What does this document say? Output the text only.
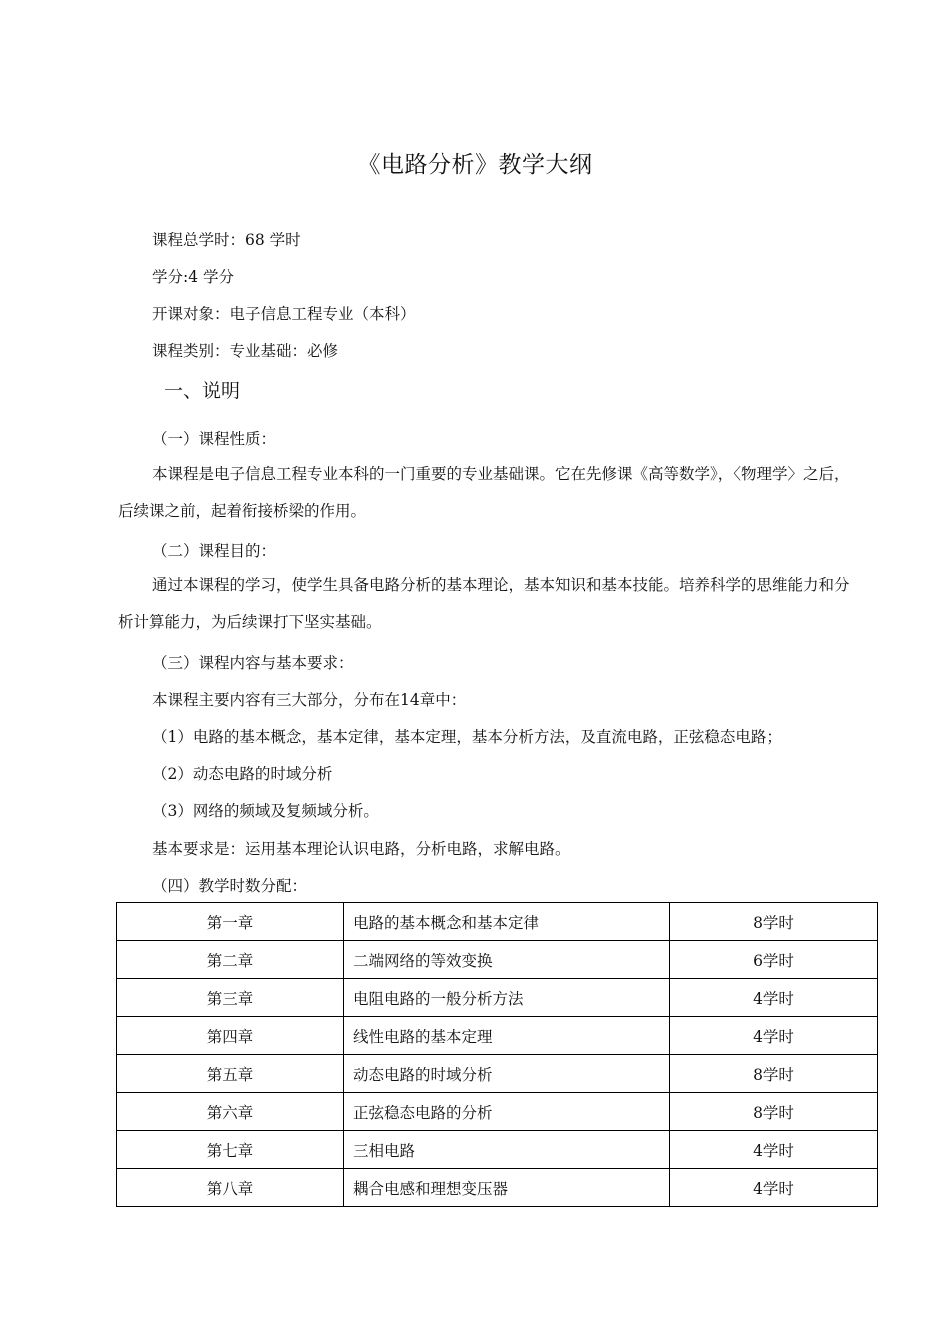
《电路分析》教学大纲
课程总学时：68 学时
学分:4 学分
开课对象：电子信息工程专业（本科）
课程类别：专业基础：必修
一、说明
（一）课程性质：
本课程是电子信息工程专业本科的一门重要的专业基础课。它在先修课《高等数学》，〈物理学〉之后，后续课之前，起着衔接桥梁的作用。
（二）课程目的：
通过本课程的学习，使学生具备电路分析的基本理论，基本知识和基本技能。培养科学的思维能力和分析计算能力，为后续课打下坚实基础。
（三）课程内容与基本要求：
本课程主要内容有三大部分，分布在14章中：
（1）电路的基本概念，基本定律，基本定理，基本分析方法，及直流电路，正弦稳态电路；
（2）动态电路的时域分析
（3）网络的频域及复频域分析。
基本要求是：运用基本理论认识电路，分析电路，求解电路。
（四）教学时数分配：
第一章	电路的基本概念和基本定律	8学时
第二章	二端网络的等效变换	6学时
第三章	电阻电路的一般分析方法	4学时
第四章	线性电路的基本定理	4学时
第五章	动态电路的时域分析	8学时
第六章	正弦稳态电路的分析	8学时
第七章	三相电路	4学时
第八章	耦合电感和理想变压器	4学时
